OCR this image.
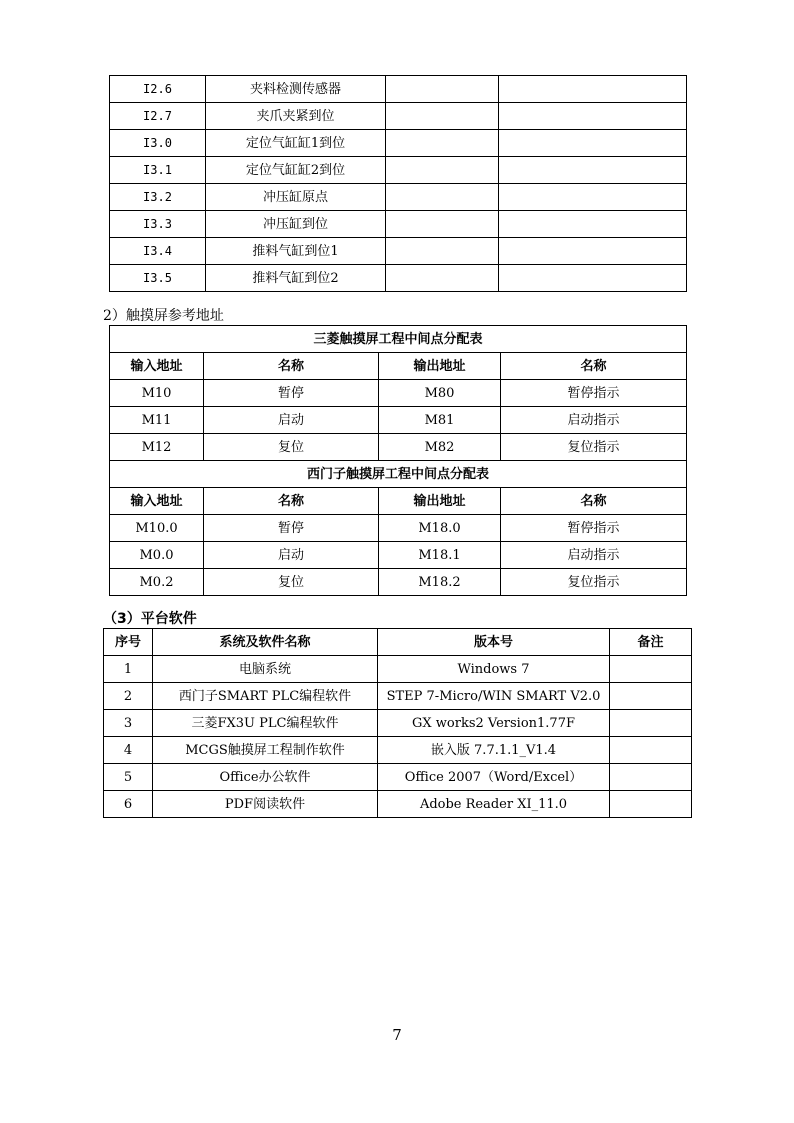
I2.6	夹料检测传感器		
I2.7	夹爪夹紧到位		
I3.0	定位气缸缸1到位		
I3.1	定位气缸缸2到位		
I3.2	冲压缸原点		
I3.3	冲压缸到位		
I3.4	推料气缸到位1		
I3.5	推料气缸到位2		
2）触摸屏参考地址
三菱触摸屏工程中间点分配表			
输入地址	名称	输出地址	名称
M10	暂停	M80	暂停指示
M11	启动	M81	启动指示
M12	复位	M82	复位指示
西门子触摸屏工程中间点分配表			
输入地址	名称	输出地址	名称
M10.0	暂停	M18.0	暂停指示
M0.0	启动	M18.1	启动指示
M0.2	复位	M18.2	复位指示
（3）平台软件
序号	系统及软件名称	版本号	备注
1	电脑系统	Windows 7	
2	西门子SMART PLC编程软件	STEP 7-Micro/WIN SMART V2.0	
3	三菱FX3U PLC编程软件	GX works2 Version1.77F	
4	MCGS触摸屏工程制作软件	嵌入版 7.7.1.1_V1.4	
5	Office办公软件	Office 2007（Word/Excel）	
6	PDF阅读软件	Adobe Reader XI_11.0	
7
